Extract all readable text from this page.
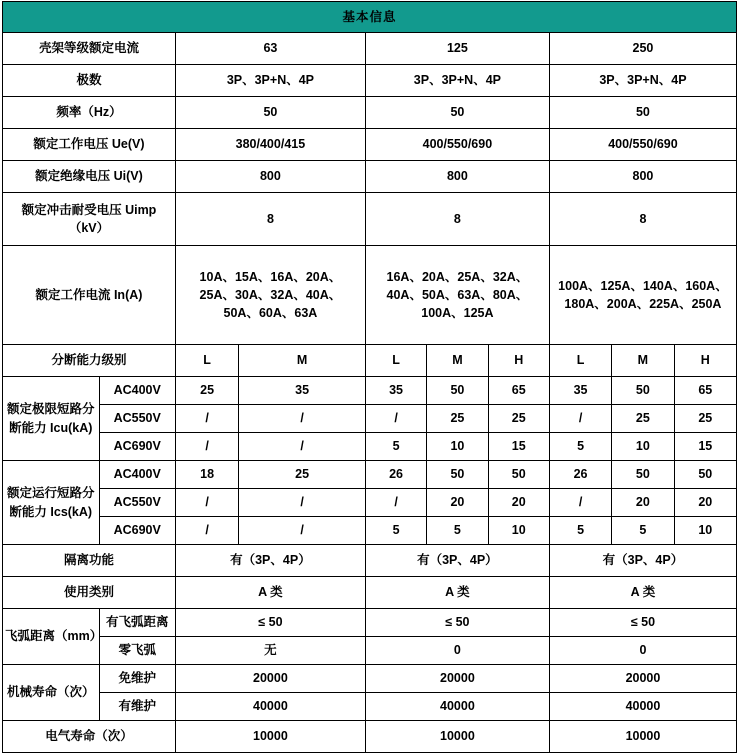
基本信息									
壳架等级额定电流		63		125			250		
极数		3P、3P+N、4P		3P、3P+N、4P			3P、3P+N、4P		
频率（Hz）		50		50			50		
额定工作电压 Ue(V)		380/400/415		400/550/690			400/550/690		
额定绝缘电压 Ui(V)		800		800			800		
额定冲击耐受电压 Uimp（kV）		8		8			8		
额定工作电流 In(A)		10A、15A、16A、20A、25A、30A、32A、40A、50A、60A、63A		16A、20A、25A、32A、40A、50A、63A、80A、100A、125A			100A、125A、140A、160A、180A、200A、225A、250A		
分断能力级别		L	M	L	M	H	L	M	H
额定极限短路分断能力 Icu(kA)	AC400V	25	35	35	50	65	35	50	65
	AC550V	/	/	/	25	25	/	25	25
	AC690V	/	/	5	10	15	5	10	15
额定运行短路分断能力 Ics(kA)	AC400V	18	25	26	50	50	26	50	50
	AC550V	/	/	/	20	20	/	20	20
	AC690V	/	/	5	5	10	5	5	10
隔离功能		有（3P、4P）		有（3P、4P）			有（3P、4P）		
使用类别		A 类		A 类			A 类		
飞弧距离（mm）	有飞弧距离	≤ 50		≤ 50			≤ 50		
	零飞弧	无		0			0		
机械寿命（次）	免维护	20000		20000			20000		
	有维护	40000		40000			40000		
电气寿命（次）		10000		10000			10000		
